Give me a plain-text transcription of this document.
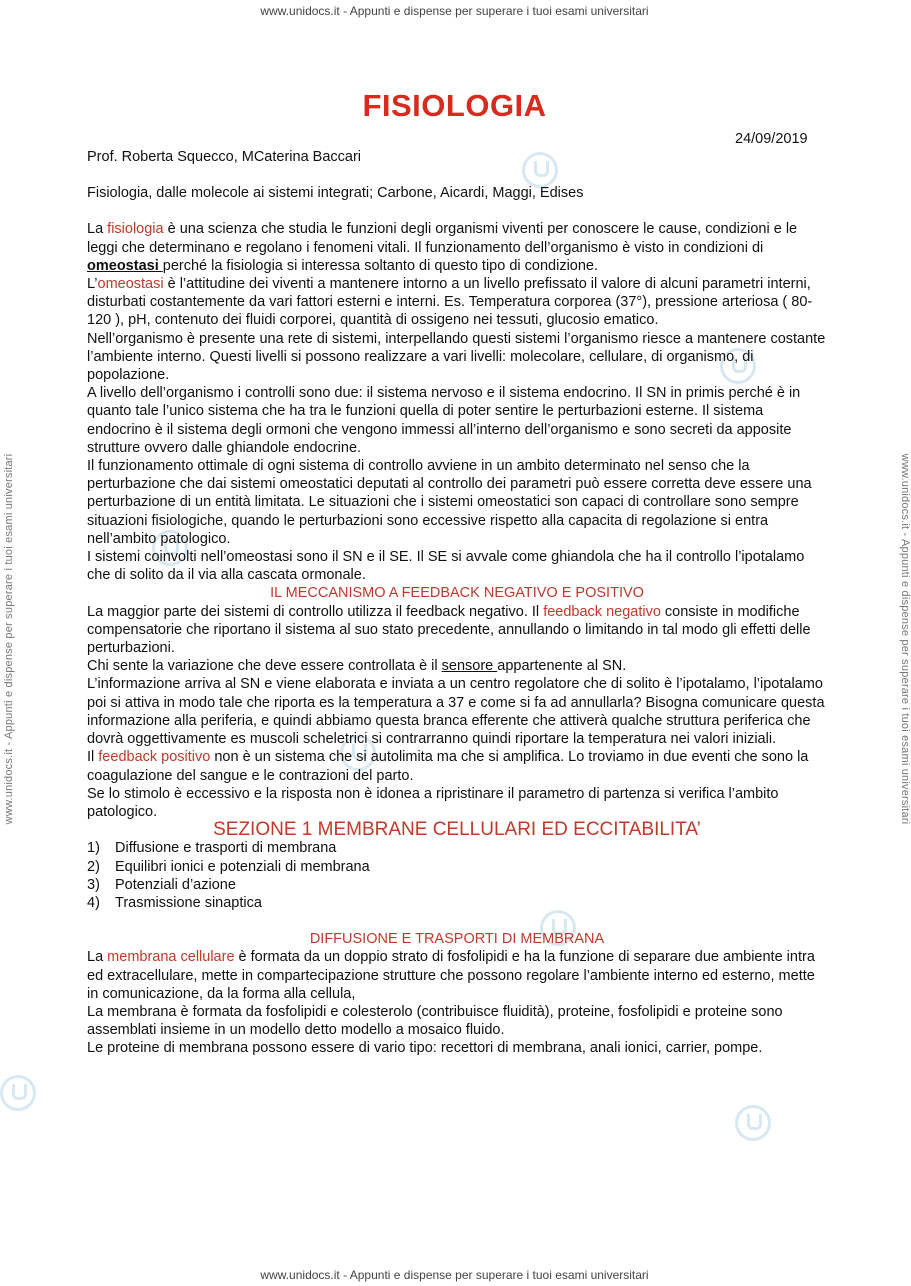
www.unidocs.it - Appunti e dispense per superare i tuoi esami universitari
www.unidocs.it - Appunti e dispense per superare i tuoi esami universitari
www.unidocs.it - Appunti e dispense per superare i tuoi esami universitari	www.unidocs.it - Appunti e dispense per superare i tuoi esami universitari
FISIOLOGIA
24/09/2019

Prof. Roberta Squecco, MCaterina Baccari

Fisiologia, dalle molecole ai sistemi integrati; Carbone, Aicardi, Maggi, Edises

La fisiologia è una scienza che studia le funzioni degli organismi viventi per conoscere le cause, condizioni e le leggi che determinano e regolano i fenomeni vitali. Il funzionamento dell’organismo è visto in condizioni di omeostasi perché la fisiologia si interessa soltanto di questo tipo di condizione.

L’omeostasi è l’attitudine dei viventi a mantenere intorno a un livello prefissato il valore di alcuni parametri interni, disturbati costantemente da vari fattori esterni e interni. Es. Temperatura corporea (37°), pressione arteriosa ( 80-120 ), pH, contenuto dei fluidi corporei, quantità di ossigeno nei tessuti, glucosio ematico.

Nell’organismo è presente una rete di sistemi, interpellando questi sistemi l’organismo riesce a mantenere costante l’ambiente interno. Questi livelli si possono realizzare a vari livelli: molecolare, cellulare, di organismo, di popolazione.

A livello dell’organismo i controlli sono due: il sistema nervoso e il sistema endocrino. Il SN in primis perché è in quanto tale l’unico sistema che ha tra le funzioni quella di poter sentire le perturbazioni esterne. Il sistema endocrino è il sistema degli ormoni che vengono immessi all’interno dell’organismo e sono secreti da apposite strutture ovvero dalle ghiandole endocrine.

Il funzionamento ottimale di ogni sistema di controllo avviene in un ambito determinato nel senso che la perturbazione che dai sistemi omeostatici deputati al controllo dei parametri può essere corretta deve essere una perturbazione di un entità limitata. Le situazioni che i sistemi omeostatici son capaci di controllare sono sempre situazioni fisiologiche, quando le perturbazioni sono eccessive rispetto alla capacita di regolazione si entra nell’ambito patologico.

I sistemi coinvolti nell’omeostasi sono il SN e il SE. Il SE si avvale come ghiandola che ha il controllo l’ipotalamo che di solito da il via alla cascata ormonale.

IL MECCANISMO A FEEDBACK NEGATIVO E POSITIVO

La maggior parte dei sistemi di controllo utilizza il feedback negativo. Il feedback negativo consiste in modifiche compensatorie che riportano il sistema al suo stato precedente, annullando o limitando in tal modo gli effetti delle perturbazioni.

Chi sente la variazione che deve essere controllata è il sensore appartenente al SN.

L’informazione arriva al SN e viene elaborata e inviata a un centro regolatore che di solito è l’ipotalamo, l’ipotalamo poi si attiva in modo tale che riporta es la temperatura a 37 e come si fa ad annullarla? Bisogna comunicare questa informazione alla periferia, e quindi abbiamo questa branca efferente che attiverà qualche struttura periferica che dovrà oggettivamente es muscoli scheletrici si contrarranno quindi riportare la temperatura nei valori iniziali.

Il feedback positivo non è un sistema che si autolimita ma che si amplifica. Lo troviamo in due eventi che sono la coagulazione del sangue e le contrazioni del parto.

Se lo stimolo è eccessivo e la risposta non è idonea a ripristinare il parametro di partenza si verifica l’ambito patologico.

SEZIONE 1 MEMBRANE CELLULARI ED ECCITABILITA’

1) Diffusione e trasporti di membrana
2) Equilibri ionici e potenziali di membrana
3) Potenziali d’azione
4) Trasmissione sinaptica

DIFFUSIONE E TRASPORTI DI MEMBRANA

La membrana cellulare è formata da un doppio strato di fosfolipidi e ha la funzione di separare due ambiente intra ed extracellulare, mette in compartecipazione strutture che possono regolare l’ambiente interno ed esterno, mette in comunicazione, da la forma alla cellula,

La membrana è formata da fosfolipidi e colesterolo (contribuisce fluidità), proteine, fosfolipidi e proteine sono assemblati insieme in un modello detto modello a mosaico fluido.

Le proteine di membrana possono essere di vario tipo: recettori di membrana, anali ionici, carrier, pompe.
